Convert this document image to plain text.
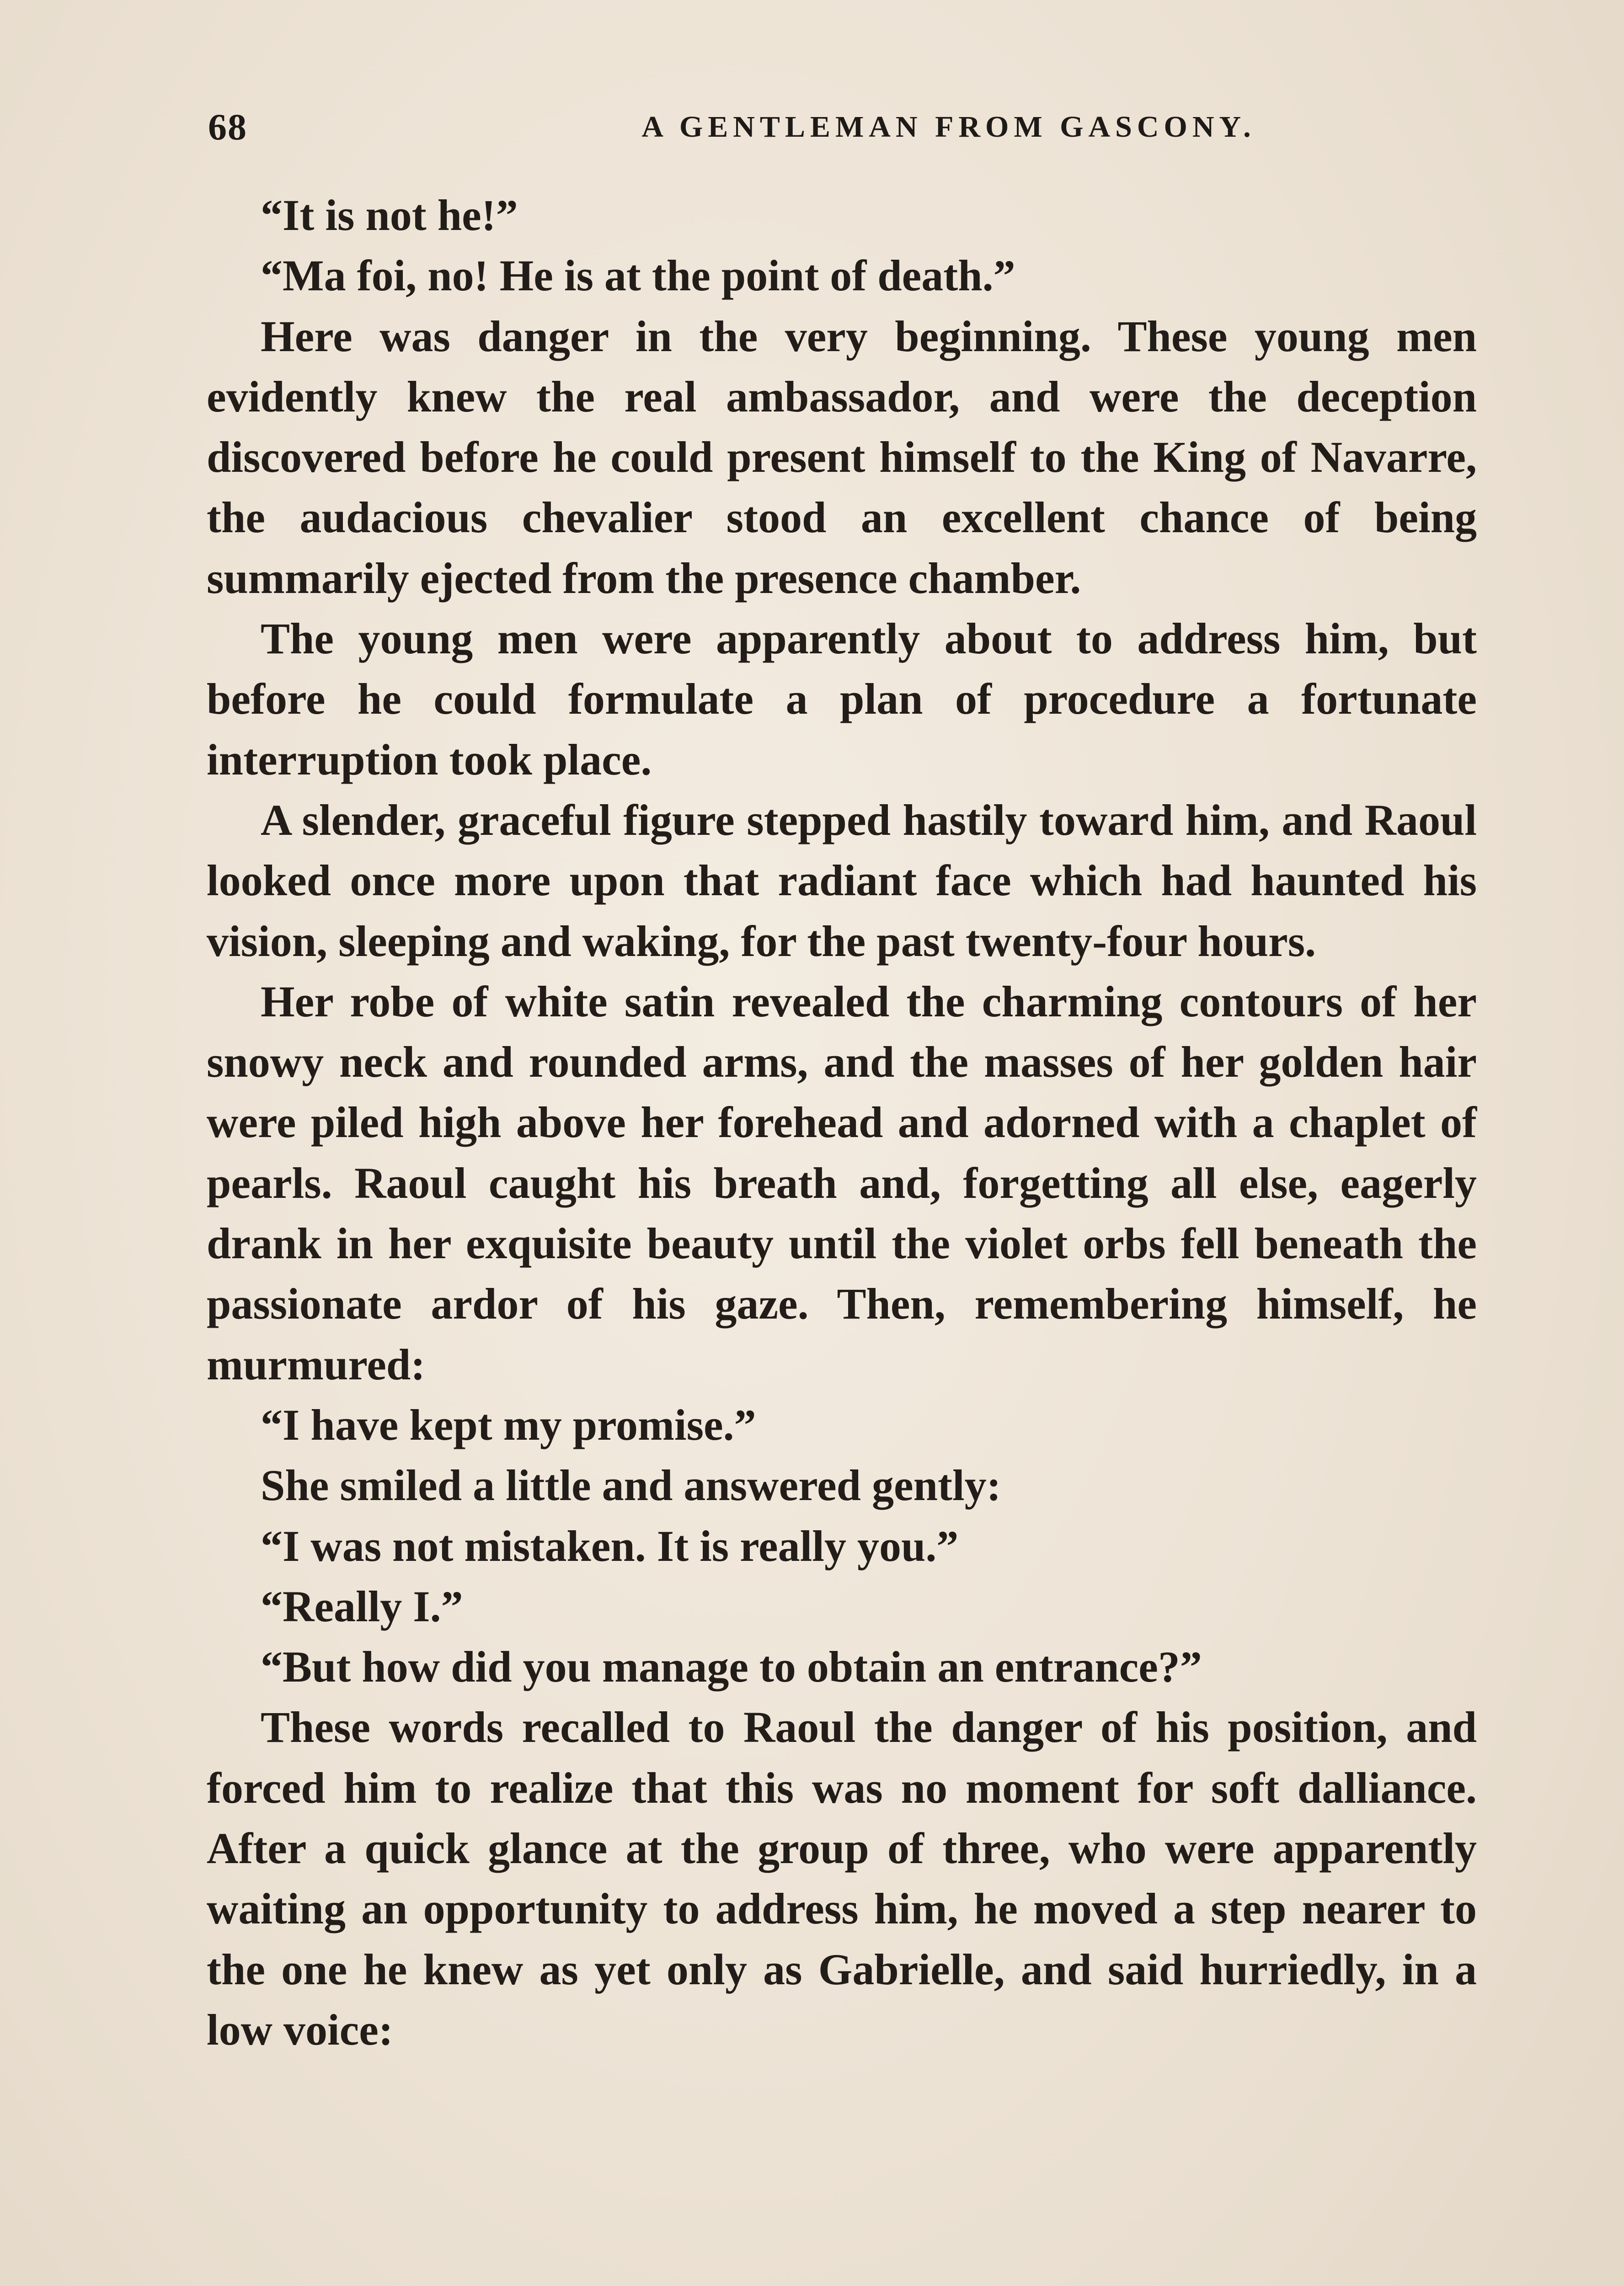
68	A GENTLEMAN FROM GASCONY.

“It is not he!”

“Ma foi, no! He is at the point of death.”

Here was danger in the very beginning. These young men evidently knew the real ambassador, and were the deception discovered before he could present himself to the King of Navarre, the audacious chevalier stood an excellent chance of being summarily ejected from the presence chamber.

The young men were apparently about to address him, but before he could formulate a plan of procedure a fortunate interruption took place.

A slender, graceful figure stepped hastily toward him, and Raoul looked once more upon that radiant face which had haunted his vision, sleeping and waking, for the past twenty-four hours.

Her robe of white satin revealed the charming contours of her snowy neck and rounded arms, and the masses of her golden hair were piled high above her forehead and adorned with a chaplet of pearls. Raoul caught his breath and, forgetting all else, eagerly drank in her exquisite beauty until the violet orbs fell beneath the passionate ardor of his gaze. Then, remembering himself, he murmured:

“I have kept my promise.”

She smiled a little and answered gently:

“I was not mistaken. It is really you.”

“Really I.”

“But how did you manage to obtain an entrance?”

These words recalled to Raoul the danger of his position, and forced him to realize that this was no moment for soft dalliance. After a quick glance at the group of three, who were apparently waiting an opportunity to address him, he moved a step nearer to the one he knew as yet only as Gabrielle, and said hurriedly, in a low voice:
